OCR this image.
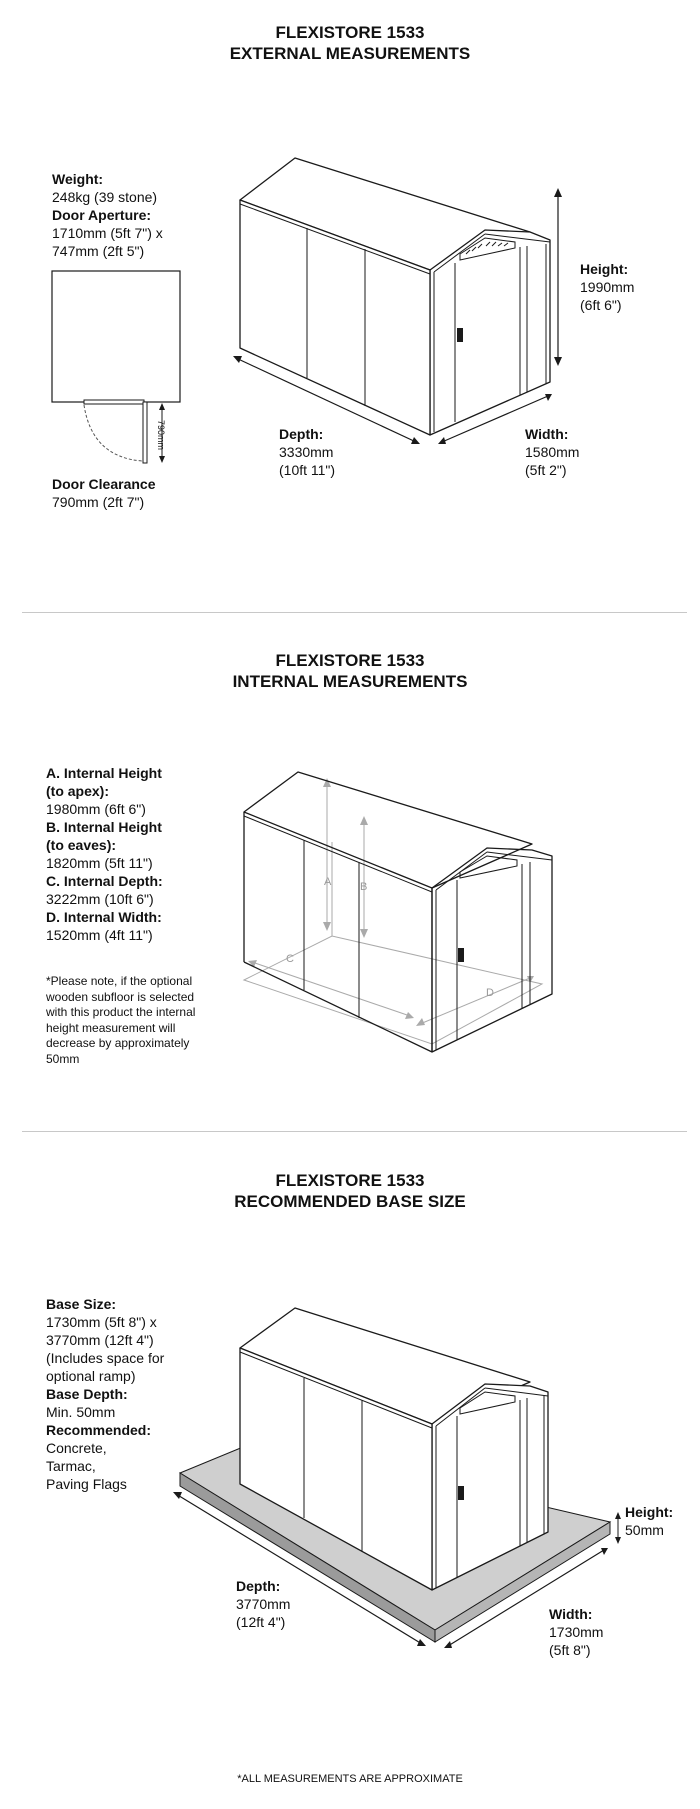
FLEXISTORE 1533
EXTERNAL MEASUREMENTS
Weight:
248kg (39 stone)
Door Aperture:
1710mm (5ft 7") x
747mm (2ft 5")
790mm
Door Clearance
790mm (2ft 7")
Height:
1990mm
(6ft 6")
Depth:
3330mm
(10ft 11")
Width:
1580mm
(5ft 2")
FLEXISTORE 1533
INTERNAL MEASUREMENTS
A. Internal Height
(to apex):
1980mm (6ft 6")
B. Internal Height
(to eaves):
1820mm (5ft 11")
C. Internal Depth:
3222mm (10ft 6")
D. Internal Width:
1520mm (4ft 11")
*Please note, if the optional
wooden subfloor is selected
with this product the internal
height measurement will
decrease by approximately
50mm
A	B
C
D
FLEXISTORE 1533
RECOMMENDED BASE SIZE
Base Size:
1730mm (5ft 8") x
3770mm (12ft 4")
(Includes space for
optional ramp)
Base Depth:
Min. 50mm
Recommended:
Concrete,
Tarmac,
Paving Flags
Height:
50mm
Depth:
3770mm
(12ft 4")	Width:
1730mm
(5ft 8")
*ALL MEASUREMENTS ARE APPROXIMATE
